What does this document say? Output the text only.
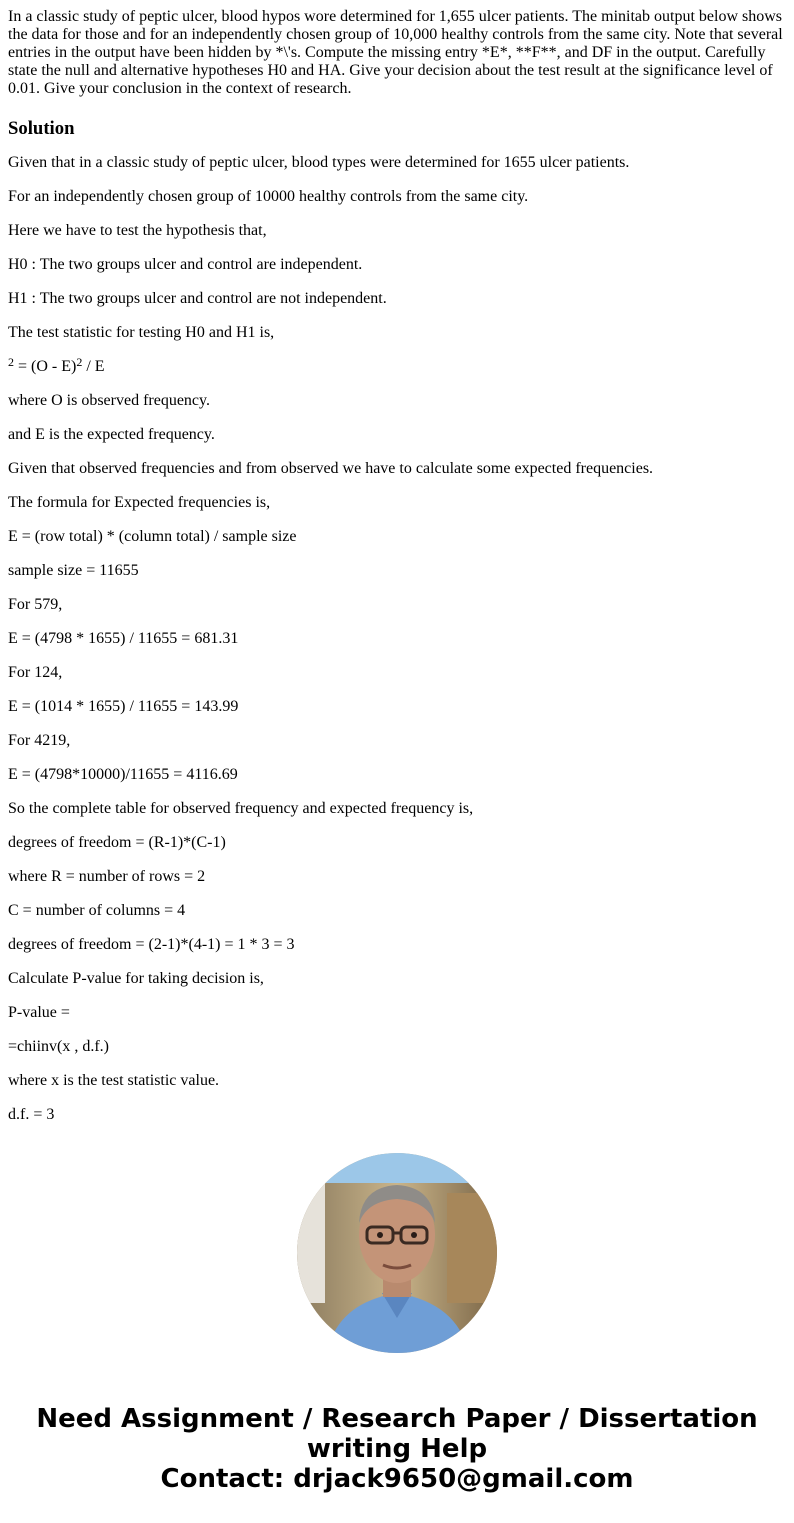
In a classic study of peptic ulcer, blood hypos wore determined for 1,655 ulcer patients. The minitab output below shows the data for those and for an independently chosen group of 10,000 healthy controls from the same city. Note that several entries in the output have been hidden by *\'s. Compute the missing entry *E*, **F**, and DF in the output. Carefully state the null and alternative hypotheses H0 and HA. Give your decision about the test result at the significance level of 0.01. Give your conclusion in the context of research.

Solution

Given that in a classic study of peptic ulcer, blood types were determined for 1655 ulcer patients.

For an independently chosen group of 10000 healthy controls from the same city.

Here we have to test the hypothesis that,

H0 : The two groups ulcer and control are independent.

H1 : The two groups ulcer and control are not independent.

The test statistic for testing H0 and H1 is,

$^2$ = (O - E)$^2$ / E

where O is observed frequency.

and E is the expected frequency.

Given that observed frequencies and from observed we have to calculate some expected frequencies.

The formula for Expected frequencies is,

E = (row total) * (column total) / sample size

sample size = 11655

For 579,

E = (4798 * 1655) / 11655 = 681.31

For 124,

E = (1014 * 1655) / 11655 = 143.99

For 4219,

E = (4798*10000)/11655 = 4116.69

So the complete table for observed frequency and expected frequency is,

degrees of freedom = (R-1)*(C-1)

where R = number of rows = 2

C = number of columns = 4

degrees of freedom = (2-1)*(4-1) = 1 * 3 = 3

Calculate P-value for taking decision is,

P-value =

=chiinv(x , d.f.)

where x is the test statistic value.

d.f. = 3

Need Assignment / Research Paper / Dissertation
writing Help
Contact: drjack9650@gmail.com
